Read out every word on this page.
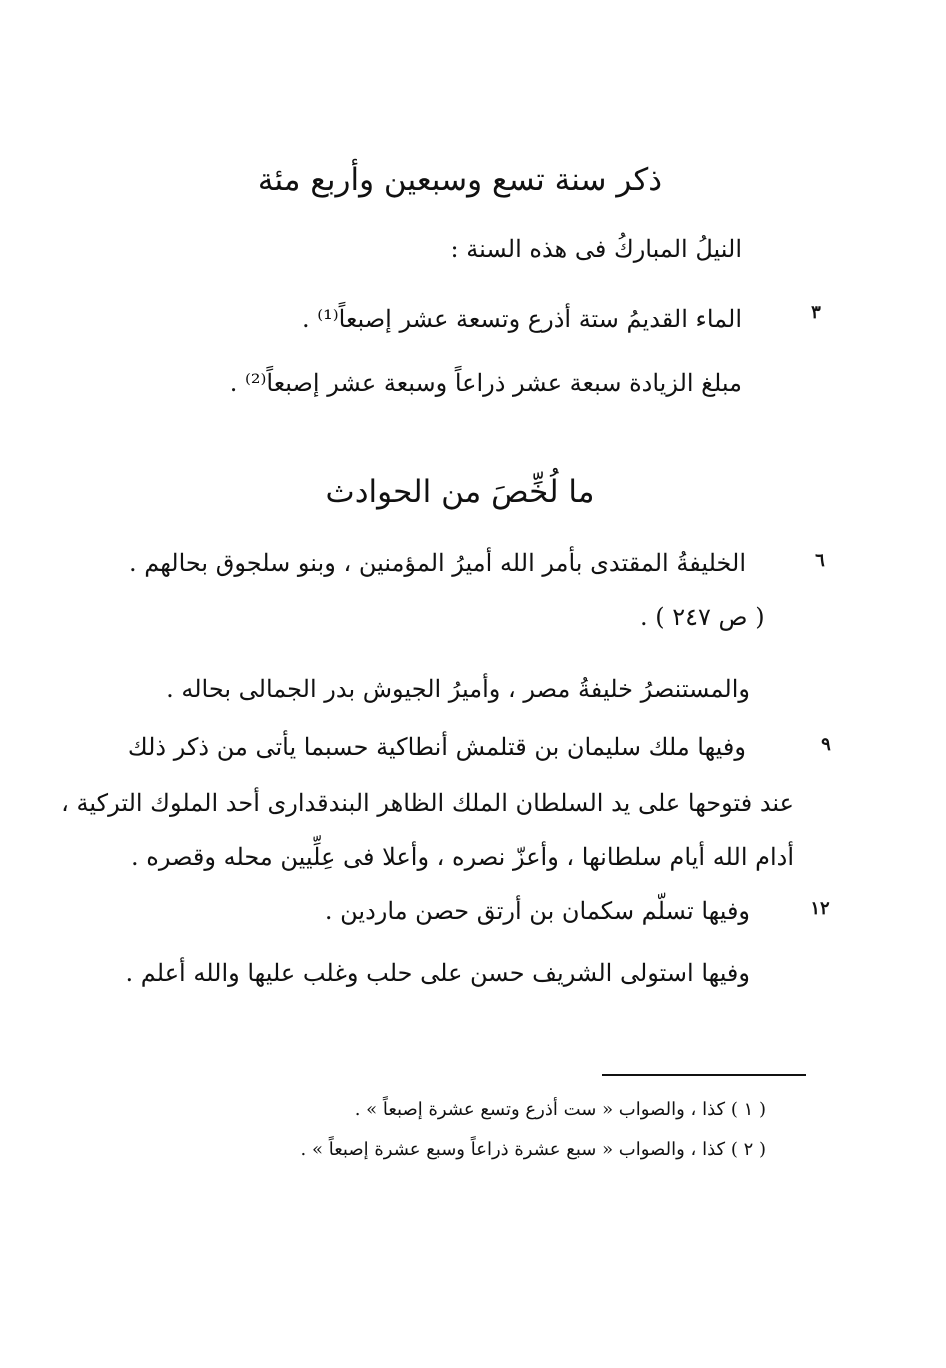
ذكر سنة تسع وسبعين وأربع مئة
النيلُ المباركُ فى هذه السنة :
الماء القديمُ ستة أذرع وتسعة عشر إصبعاً⁽¹⁾ .	٣
مبلغ الزيادة سبعة عشر ذراعاً وسبعة عشر إصبعاً⁽²⁾ .
ما لُخِّصَ من الحوادث
الخليفةُ المقتدى بأمر الله أميرُ المؤمنين ، وبنو سلجوق بحالهم .	٦
( ص ٢٤٧ ) .
والمستنصرُ خليفةُ مصر ، وأميرُ الجيوش بدر الجمالى بحاله .
وفيها ملك سليمان بن قتلمش أنطاكية حسبما يأتى من ذكر ذلك	٩
عند فتوحها على يد السلطان الملك الظاهر البندقدارى أحد الملوك التركية ،
أدام الله أيام سلطانها ، وأعزّ نصره ، وأعلا فى عِلِّيين محله وقصره .
وفيها تسلّم سكمان بن أرتق حصن ماردين .	١٢
وفيها استولى الشريف حسن على حلب وغلب عليها والله أعلم .
( ١ ) كذا ، والصواب « ست أذرع وتسع عشرة إصبعاً » .
( ٢ ) كذا ، والصواب « سبع عشرة ذراعاً وسبع عشرة إصبعاً » .
